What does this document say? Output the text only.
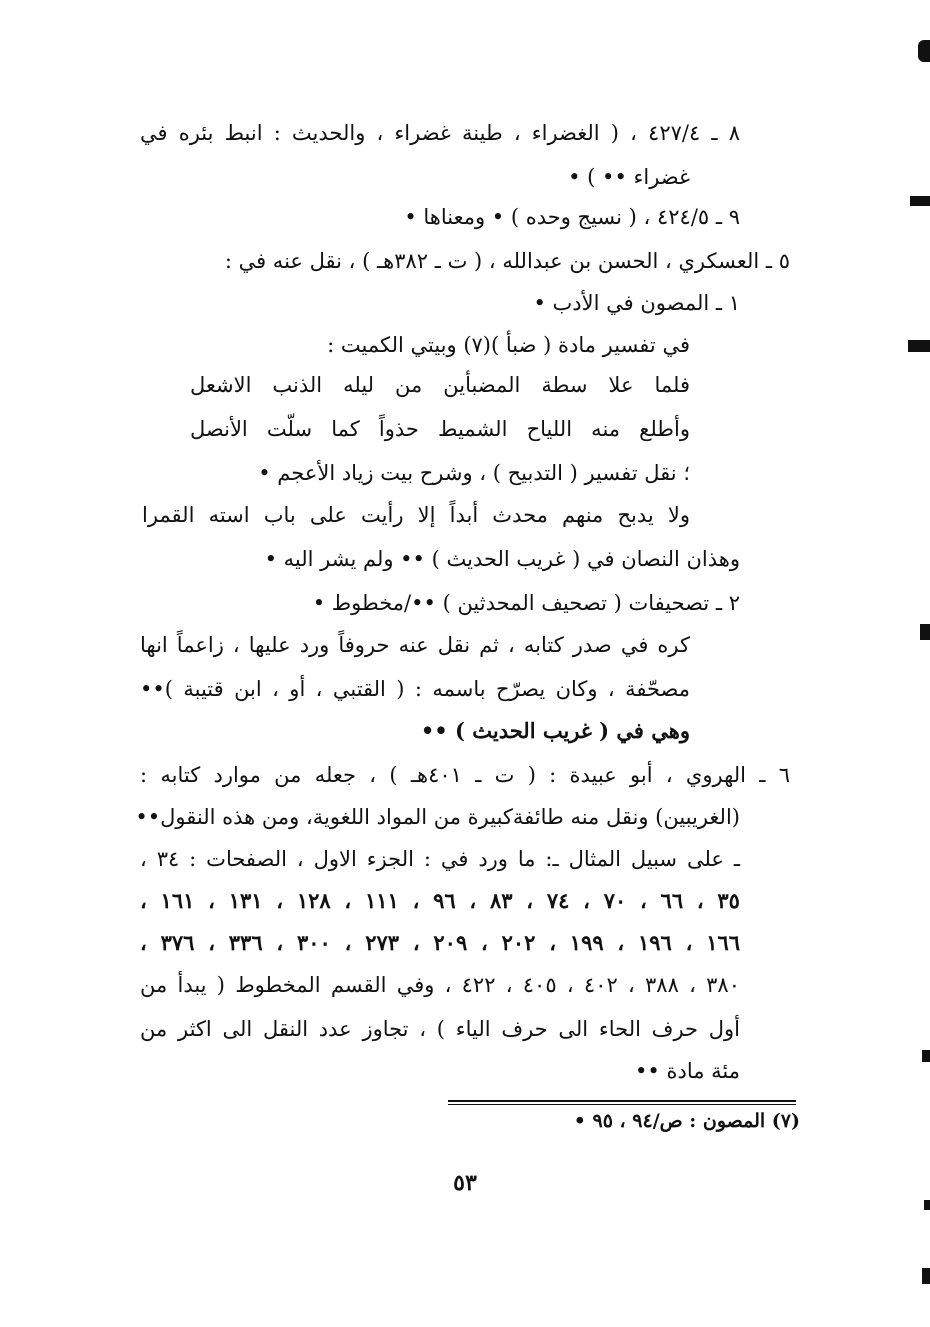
٨ ـ ٤٢٧/٤ ، ( الغضراء ، طينة غضراء ، والحديث : انبط بئره في
غضراء •• ) •
٩ ـ ٤٢٤/٥ ، ( نسيج وحده ) • ومعناها •
٥ ـ العسكري ، الحسن بن عبدالله ، ( ت ـ ٣٨٢هـ ) ، نقل عنه في :
١ ـ المصون في الأدب •
في تفسير مادة ( ضبأ )(٧) وبيتي الكميت :
فلما علا سطة المضبأين من ليله الذنب الاشعل
وأطلع منه اللياح الشميط حذواً كما سلّت الأنصل
؛ نقل تفسير ( التدبيح ) ، وشرح بيت زياد الأعجم •
ولا يدبح منهم محدث أبداً إلا رأيت على باب استه القمرا
وهذان النصان في ( غريب الحديث ) •• ولم يشر اليه •
٢ ـ تصحيفات ( تصحيف المحدثين ) ••/مخطوط •
كره في صدر كتابه ، ثم نقل عنه حروفاً ورد عليها ، زاعماً انها
مصحّفة ، وكان يصرّح باسمه : ( القتبي ، أو ، ابن قتيبة )••
وهي في ( غريب الحديث ) ••
٦ ـ الهروي ، أبو عبيدة : ( ت ـ ٤٠١هـ ) ، جعله من موارد كتابه :
(الغريبين) ونقل منه طائفةكبيرة من المواد اللغوية، ومن هذه النقول••
ـ على سبيل المثال ـ: ما ورد في : الجزء الاول ، الصفحات : ٣٤ ،
٣٥ ، ٦٦ ، ٧٠ ، ٧٤ ، ٨٣ ، ٩٦ ، ١١١ ، ١٢٨ ، ١٣١ ، ١٦١ ،
١٦٦ ، ١٩٦ ، ١٩٩ ، ٢٠٢ ، ٢٠٩ ، ٢٧٣ ، ٣٠٠ ، ٣٣٦ ، ٣٧٦ ،
٣٨٠ ، ٣٨٨ ، ٤٠٢ ، ٤٠٥ ، ٤٢٢ ، وفي القسم المخطوط ( يبدأ من
أول حرف الحاء الى حرف الياء ) ، تجاوز عدد النقل الى اكثر من
مئة مادة ••
(٧) المصون : ص/٩٤ ، ٩٥ •
٥٣
